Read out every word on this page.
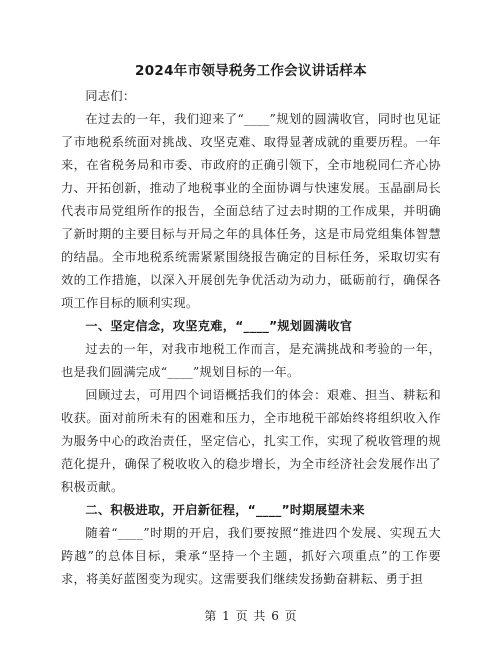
2024年市领导税务工作会议讲话样本

同志们：

在过去的一年，我们迎来了“____”规划的圆满收官，同时也见证了市地税系统面对挑战、攻坚克难、取得显著成就的重要历程。一年来，在省税务局和市委、市政府的正确引领下，全市地税同仁齐心协力、开拓创新，推动了地税事业的全面协调与快速发展。玉晶副局长代表市局党组所作的报告，全面总结了过去时期的工作成果，并明确了新时期的主要目标与开局之年的具体任务，这是市局党组集体智慧的结晶。全市地税系统需紧紧围绕报告确定的目标任务，采取切实有效的工作措施，以深入开展创先争优活动为动力，砥砺前行，确保各项工作目标的顺利实现。

一、坚定信念，攻坚克难，“____”规划圆满收官

过去的一年，对我市地税工作而言，是充满挑战和考验的一年，也是我们圆满完成“____”规划目标的一年。

回顾过去，可用四个词语概括我们的体会：艰难、担当、耕耘和收获。面对前所未有的困难和压力，全市地税干部始终将组织收入作为服务中心的政治责任，坚定信心，扎实工作，实现了税收管理的规范化提升，确保了税收收入的稳步增长，为全市经济社会发展作出了积极贡献。

二、积极进取，开启新征程，“____”时期展望未来

随着“____”时期的开启，我们要按照“推进四个发展、实现五大跨越”的总体目标，秉承“坚持一个主题，抓好六项重点”的工作要求，将美好蓝图变为现实。这需要我们继续发扬勤奋耕耘、勇于担

第 1 页 共 6 页
